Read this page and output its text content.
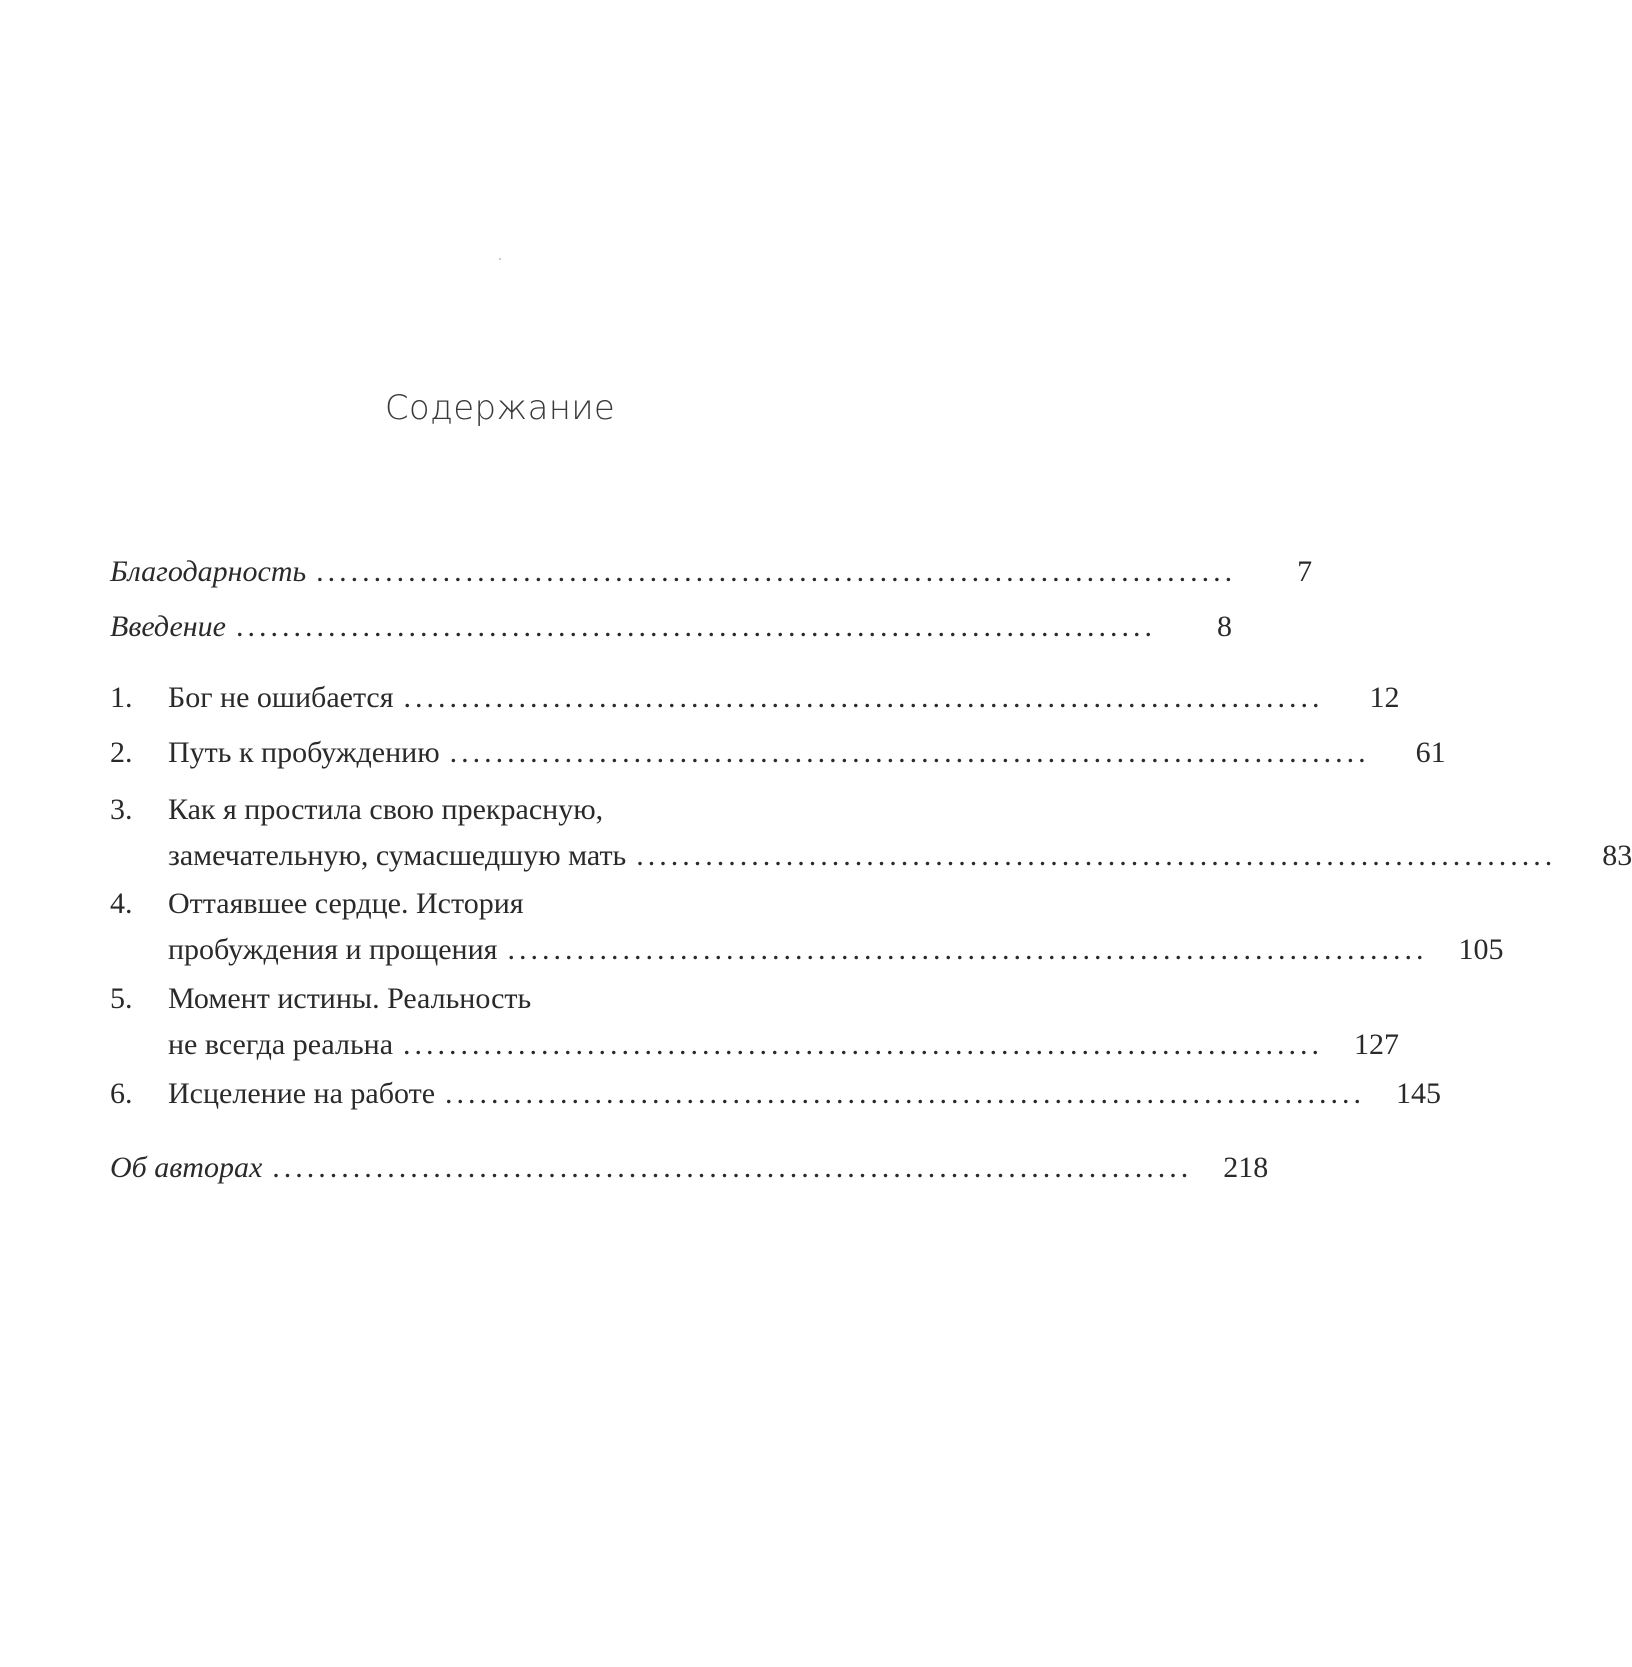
Содержание
Благодарность ................................................................................	7
Введение ................................................................................	8
1.	Бог не ошибается ................................................................................	12
2.	Путь к пробуждению ................................................................................	61
3.	Как я простила свою прекрасную,
замечательную, сумасшедшую мать ................................................................................	83
4.	Оттаявшее сердце. История
пробуждения и прощения ................................................................................	105
5.	Момент истины. Реальность
не всегда реальна ................................................................................	127
6.	Исцеление на работе ................................................................................	145
Об авторах ................................................................................	218
